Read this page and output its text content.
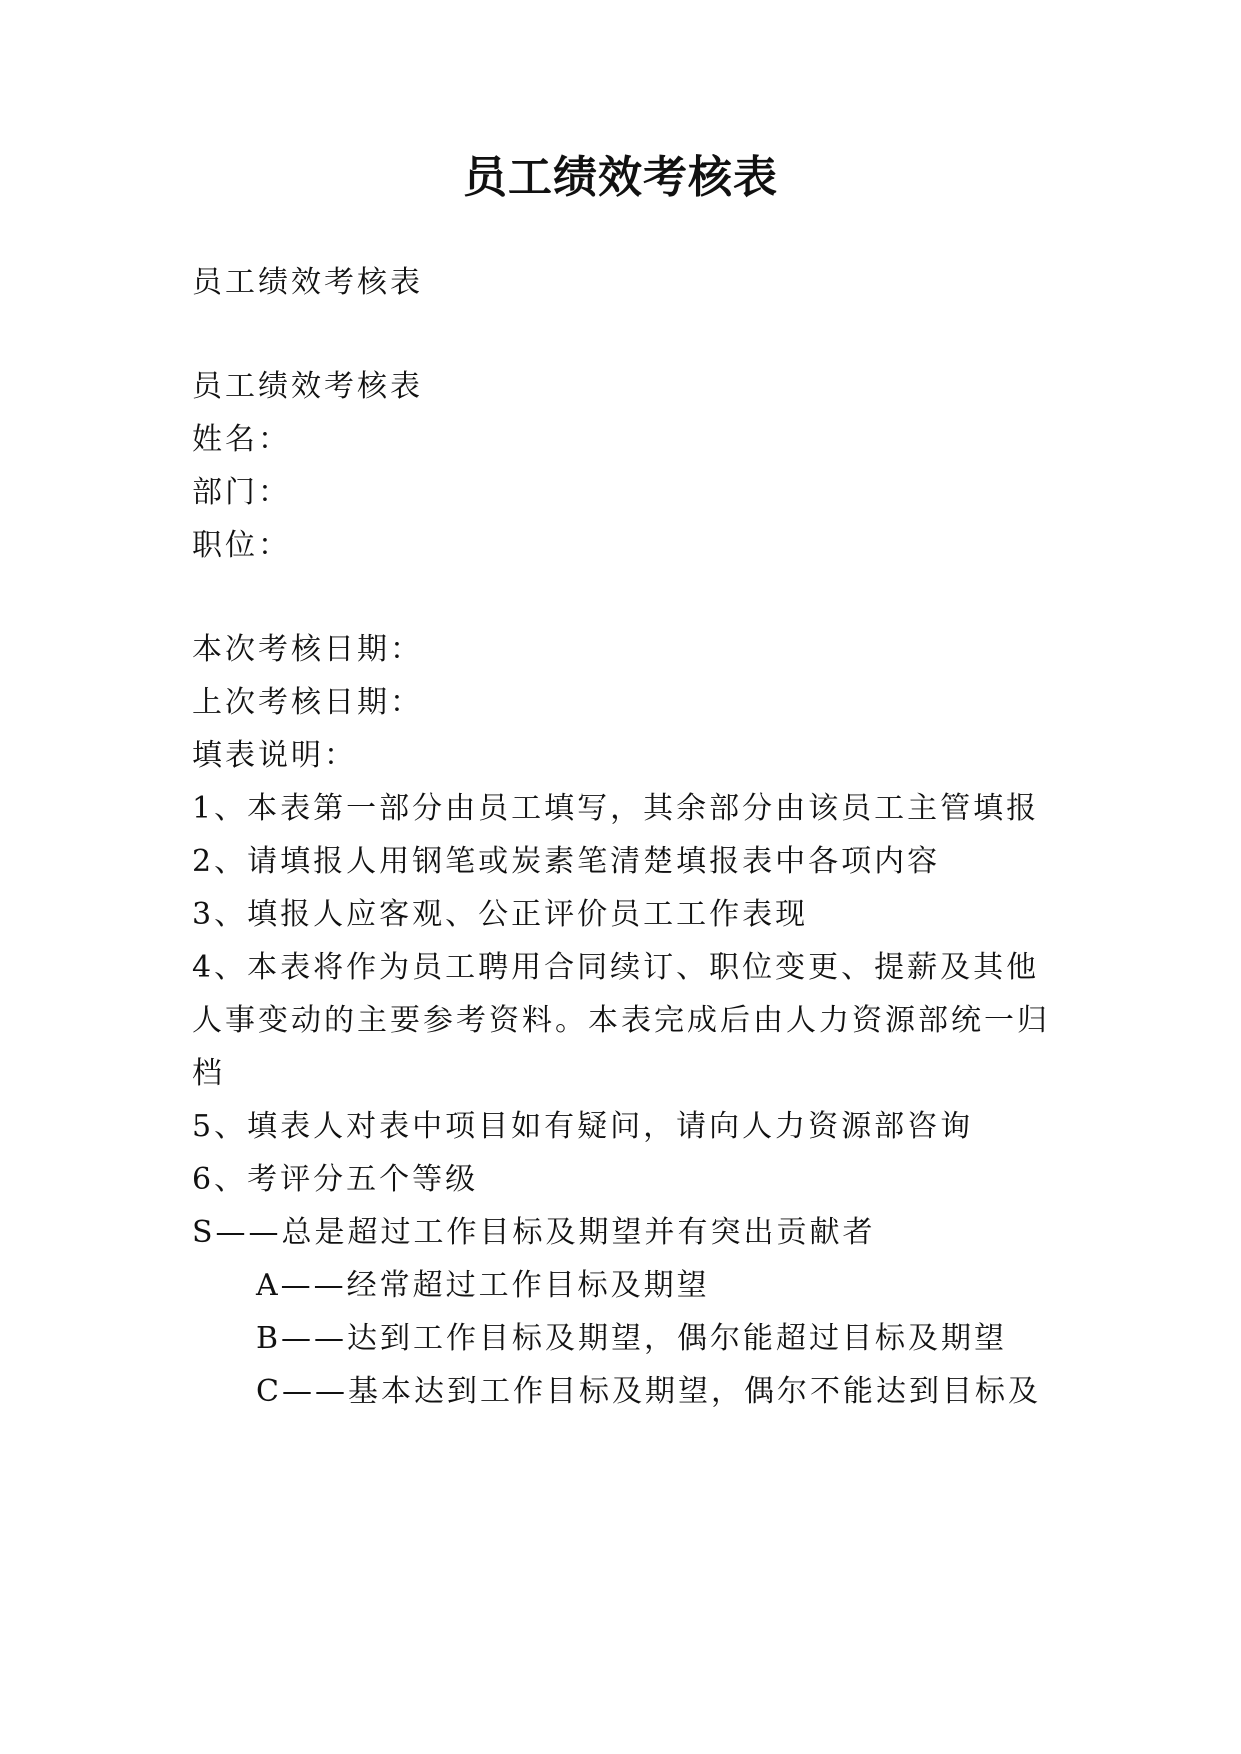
员工绩效考核表
员工绩效考核表
员工绩效考核表
姓名：
部门：
职位：
本次考核日期：
上次考核日期：
填表说明：
1、本表第一部分由员工填写，其余部分由该员工主管填报
2、请填报人用钢笔或炭素笔清楚填报表中各项内容
3、填报人应客观、公正评价员工工作表现
4、本表将作为员工聘用合同续订、职位变更、提薪及其他
人事变动的主要参考资料。本表完成后由人力资源部统一归
档
5、填表人对表中项目如有疑问，请向人力资源部咨询
6、考评分五个等级
S——总是超过工作目标及期望并有突出贡献者
A——经常超过工作目标及期望
B——达到工作目标及期望，偶尔能超过目标及期望
C——基本达到工作目标及期望，偶尔不能达到目标及
